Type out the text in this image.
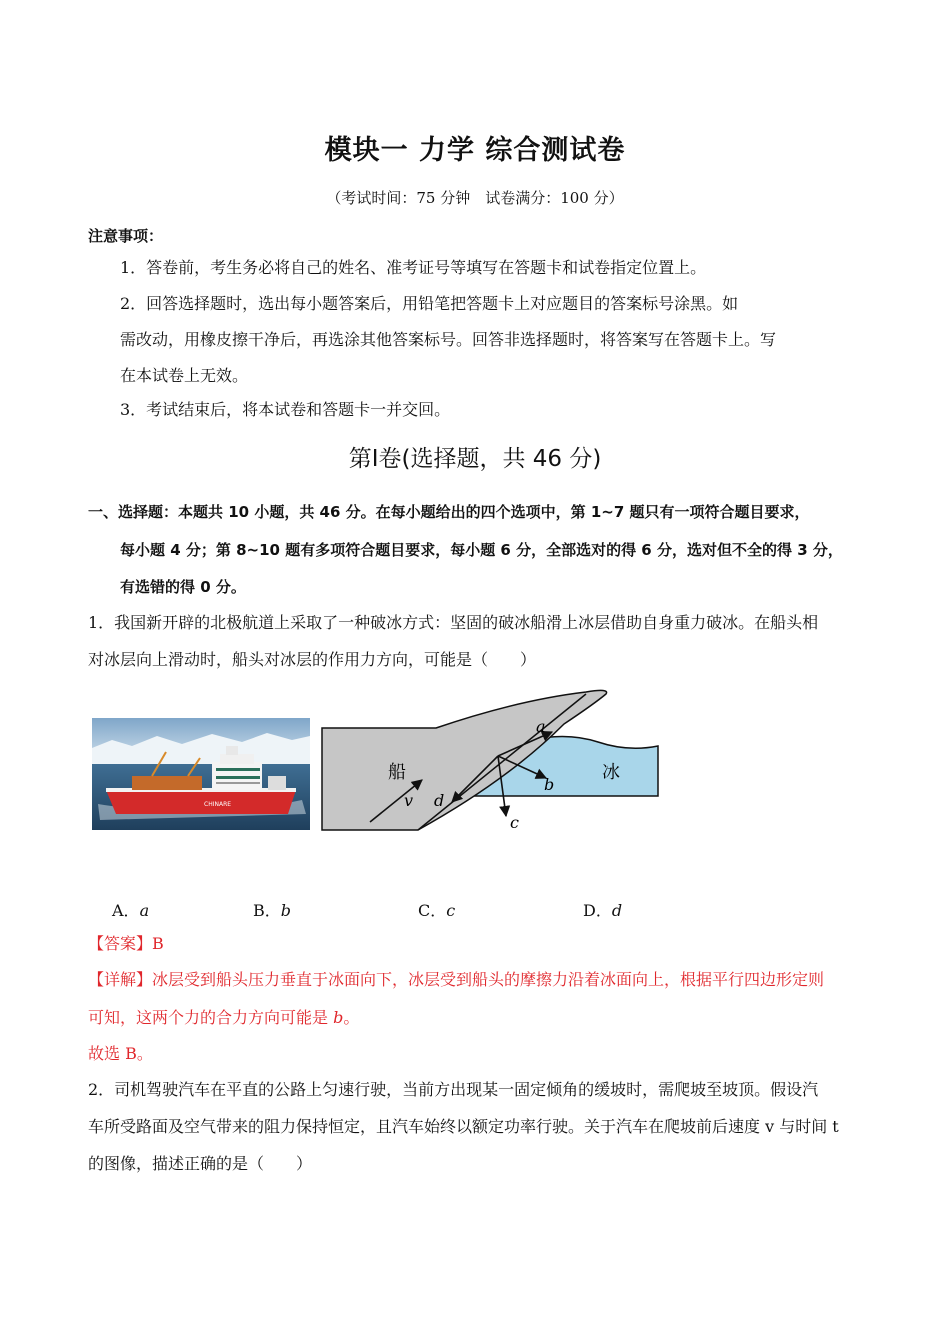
模块一 力学 综合测试卷
（考试时间：75 分钟　试卷满分：100 分）
注意事项：
1．答卷前，考生务必将自己的姓名、准考证号等填写在答题卡和试卷指定位置上。
2．回答选择题时，选出每小题答案后，用铅笔把答题卡上对应题目的答案标号涂黑。如
需改动，用橡皮擦干净后，再选涂其他答案标号。回答非选择题时，将答案写在答题卡上。写
在本试卷上无效。
3．考试结束后，将本试卷和答题卡一并交回。
第Ⅰ卷(选择题，共 46 分)
一、选择题：本题共 10 小题，共 46 分。在每小题给出的四个选项中，第 1~7 题只有一项符合题目要求，
每小题 4 分；第 8~10 题有多项符合题目要求，每小题 6 分，全部选对的得 6 分，选对但不全的得 3 分，
有选错的得 0 分。
1．我国新开辟的北极航道上采取了一种破冰方式：坚固的破冰船滑上冰层借助自身重力破冰。在船头相
对冰层向上滑动时，船头对冰层的作用力方向，可能是（　　）
CHINARE
船	冰
v
a
b
c
d
A．a	B．b	C．c	D．d
【答案】B
【详解】冰层受到船头压力垂直于冰面向下，冰层受到船头的摩擦力沿着冰面向上，根据平行四边形定则
可知，这两个力的合力方向可能是 b。
故选 B。
2．司机驾驶汽车在平直的公路上匀速行驶，当前方出现某一固定倾角的缓坡时，需爬坡至坡顶。假设汽
车所受路面及空气带来的阻力保持恒定，且汽车始终以额定功率行驶。关于汽车在爬坡前后速度 v 与时间 t
的图像，描述正确的是（　　）
